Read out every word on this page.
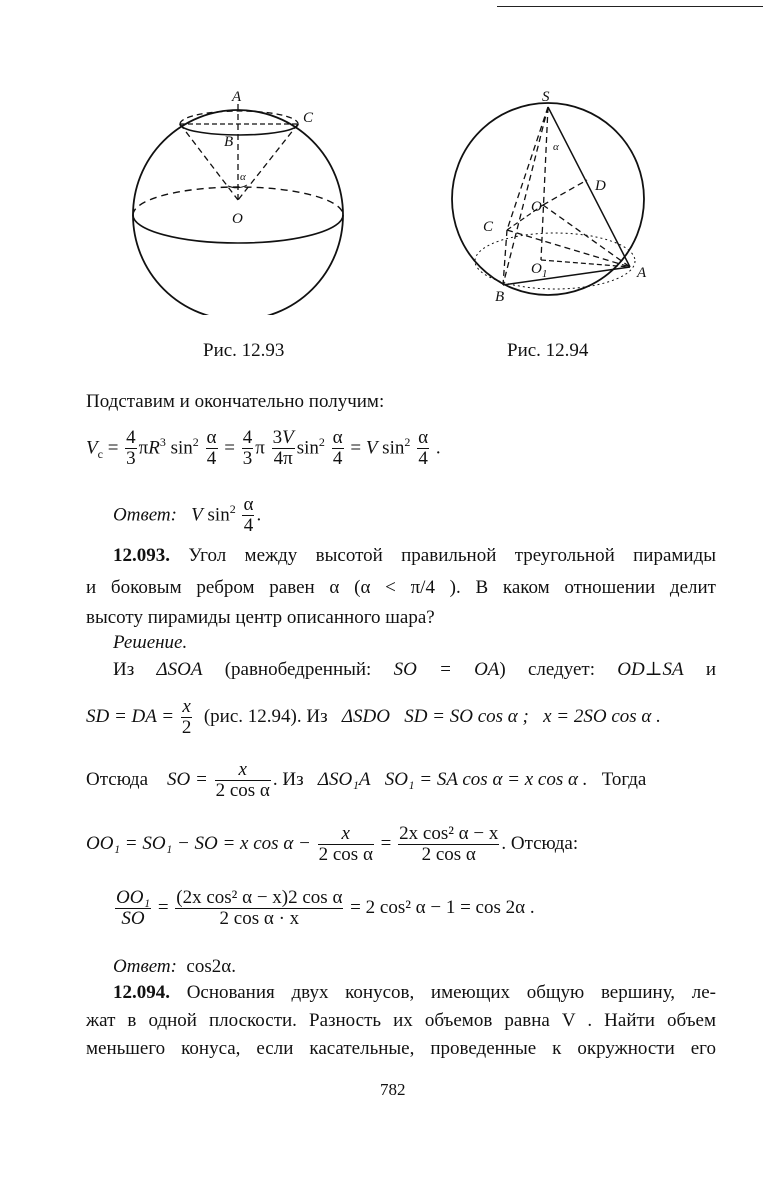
A
C
B
α
O
Рис. 12.93
S
α
D
O
C
$O_1$	A
B
Рис. 12.94
Подставим и окончательно получим:
$V_c = \frac{4}{3} \pi R^3$ $\sin^2 \frac{\alpha}{4} = \frac{4}{3}$ π $\frac{3V}{4\pi} \sin^2 \frac{\alpha}{4} = V$ $\sin^2 \frac{\alpha}{4}$ .
Ответ: V $\sin^2 \frac{\alpha}{4}$ .
12.093. Угол между высотой правильной треугольной пирамиды
и боковым ребром равен α (α < π/4 ). В каком отношении делит
высоту пирамиды центр описанного шара?
Решение.
Из ΔSOA (равнобедренный: SO = OA) следует: OD⊥SA и
SD = DA = $\frac{x}{2} (рис$. 12.94). Из ΔSDO SD = SO cos α ; x = 2SO cos α .
Отсюда SO = $\frac{x}{\text{2 cos α}}$ . Из ΔSO₁A SO₁ = SA cos α = x cos α . Тогда
OO₁ = SO₁ − SO = x $\cos \alpha - \frac{x}{\text{2 cos α}} = \frac{\text{2x cos² α − x}}{\text{2 cos α}}$ . Отсюда:
$\frac{\text{OO₁}}{SO} = \frac{\text{(2x cos² α − x)2 cos α}}{\text{2 cos α · x}} = 2$ cos² α − 1 = cos 2α .
Ответ: cos2α.
12.094. Основания двух конусов, имеющих общую вершину, ле-
жат в одной плоскости. Разность их объемов равна V . Найти объем
меньшего конуса, если касательные, проведенные к окружности его
782
